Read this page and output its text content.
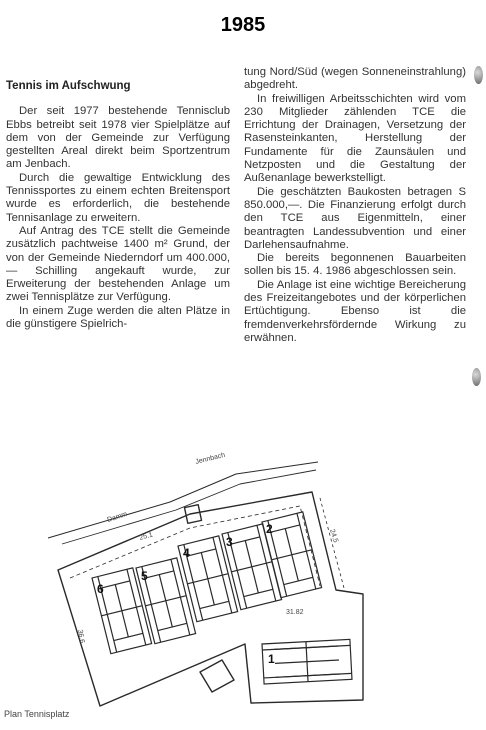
1985
Tennis im Aufschwung

Der seit 1977 bestehende Tennisclub Ebbs betreibt seit 1978 vier Spielplätze auf dem von der Gemeinde zur Verfügung gestellten Areal direkt beim Sportzentrum am Jenbach.

Durch die gewaltige Entwicklung des Tennissportes zu einem echten Breitensport wurde es erforderlich, die bestehende Tennisanlage zu erweitern.

Auf Antrag des TCE stellt die Gemeinde zusätzlich pachtweise 1400 m² Grund, der von der Gemeinde Niederndorf um 400.000,— Schilling angekauft wurde, zur Erweiterung der bestehenden Anlage um zwei Tennisplätze zur Verfügung.

In einem Zuge werden die alten Plätze in die günstigere Spielrich-

tung Nord/Süd (wegen Sonneneinstrahlung) abgedreht.

In freiwilligen Arbeitsschichten wird vom 230 Mitglieder zählenden TCE die Errichtung der Drainagen, Versetzung der Rasensteinkanten, Herstellung der Fundamente für die Zaunsäulen und Netzposten und die Gestaltung der Außenanlage bewerkstelligt.

Die geschätzten Baukosten betragen S 850.000,—. Die Finanzierung erfolgt durch den TCE aus Eigenmitteln, einer beantragten Landessubvention und einer Darlehensaufnahme.

Die bereits begonnenen Bauarbeiten sollen bis 15. 4. 1986 abgeschlossen sein.

Die Anlage ist eine wichtige Bereicherung des Freizeitangebotes und der körperlichen Ertüchtigung. Ebenso ist die fremdenverkehrsfördernde Wirkung zu erwähnen.

6
5
4
3
2
1
Jennbach
Damm
25.1
31.82
36.6
24.5
Plan Tennisplatz
